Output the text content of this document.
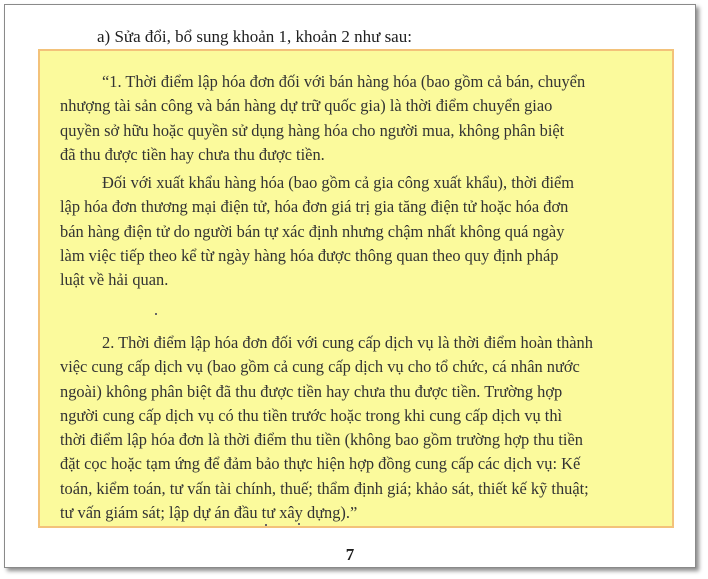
a) Sửa đổi, bổ sung khoản 1, khoản 2 như sau:
“1. Thời điểm lập hóa đơn đối với bán hàng hóa (bao gồm cả bán, chuyển
nhượng tài sản công và bán hàng dự trữ quốc gia) là thời điểm chuyển giao
quyền sở hữu hoặc quyền sử dụng hàng hóa cho người mua, không phân biệt
đã thu được tiền hay chưa thu được tiền.
Đối với xuất khẩu hàng hóa (bao gồm cả gia công xuất khẩu), thời điểm
lập hóa đơn thương mại điện tử, hóa đơn giá trị gia tăng điện tử hoặc hóa đơn
bán hàng điện tử do người bán tự xác định nhưng chậm nhất không quá ngày
làm việc tiếp theo kể từ ngày hàng hóa được thông quan theo quy định pháp
luật về hải quan.
2. Thời điểm lập hóa đơn đối với cung cấp dịch vụ là thời điểm hoàn thành
việc cung cấp dịch vụ (bao gồm cả cung cấp dịch vụ cho tổ chức, cá nhân nước
ngoài) không phân biệt đã thu được tiền hay chưa thu được tiền. Trường hợp
người cung cấp dịch vụ có thu tiền trước hoặc trong khi cung cấp dịch vụ thì
thời điểm lập hóa đơn là thời điểm thu tiền (không bao gồm trường hợp thu tiền
đặt cọc hoặc tạm ứng để đảm bảo thực hiện hợp đồng cung cấp các dịch vụ: Kế
toán, kiểm toán, tư vấn tài chính, thuế; thẩm định giá; khảo sát, thiết kế kỹ thuật;
tư vấn giám sát; lập dự án đầu tư xây dựng).”
7
